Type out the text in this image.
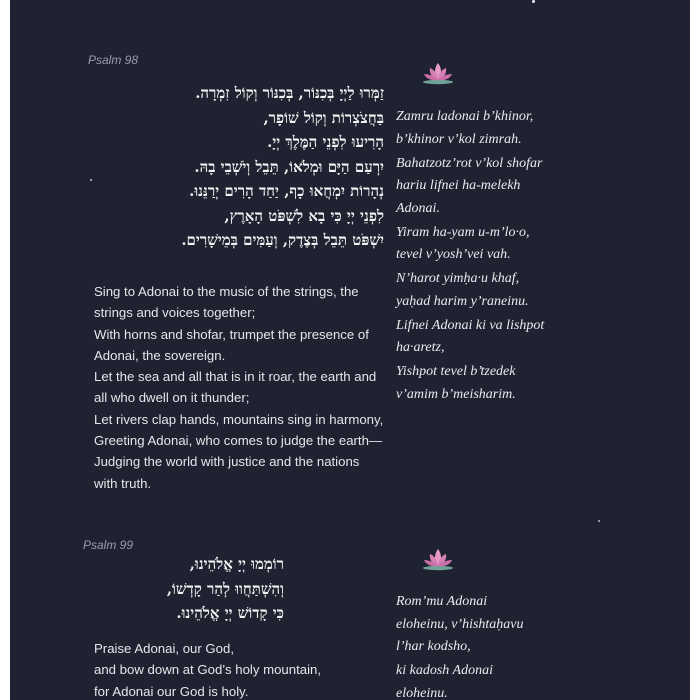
Psalm 98
זַמְּרוּ לַיְיָ בְּכִנּוֹר, בְּכִנּוֹר וְקוֹל זִמְרָה.
בַּחֲצֹצְרוֹת וְקוֹל שׁוֹפָר,
הָרִיעוּ לִפְנֵי הַמֶּלֶךְ יְיָ.
יִרְעַם הַיָּם וּמְלֹאוֹ, תֵּבֵל וְיֹשְׁבֵי בָהּ.
נְהָרוֹת יִמְחֲאוּ כָף, יַחַד הָרִים יְרַנֵּנוּ.
לִפְנֵי יְיָ כִּי בָא לִשְׁפֹּט הָאָרֶץ,
יִשְׁפֹּט תֵּבֵל בְּצֶדֶק, וְעַמִּים בְּמֵישָׁרִים.
Sing to Adonai to the music of the strings, the
strings and voices together;
With horns and shofar, trumpet the presence of
Adonai, the sovereign.
Let the sea and all that is in it roar, the earth and
all who dwell on it thunder;
Let rivers clap hands, mountains sing in harmony,
Greeting Adonai, who comes to judge the earth—
Judging the world with justice and the nations
with truth.
Zamru ladonai b’khinor,
b’khinor v’kol zimrah.
Bahatzotz’rot v’kol shofar
hariu lifnei ha-melekh
Adonai.
Yiram ha-yam u-m’lo·o,
tevel v’yosh’vei vah.
N’harot yimḥa·u khaf,
yaḥad harim y’raneinu.
Lifnei Adonai ki va lishpot
ha·aretz,
Yishpot tevel b’tzedek
v’amim b’meisharim.
Psalm 99
רוֹמְמוּ יְיָ אֱלֹהֵינוּ,
וְהִשְׁתַּחֲווּ לְהַר קָדְשׁוֹ,
כִּי קָדוֹשׁ יְיָ אֱלֹהֵינוּ.
Praise Adonai, our God,
and bow down at God’s holy mountain,
for Adonai our God is holy.
Rom’mu Adonai
eloheinu, v’hishtaḥavu
l’har kodsho,
ki kadosh Adonai
eloheinu.
